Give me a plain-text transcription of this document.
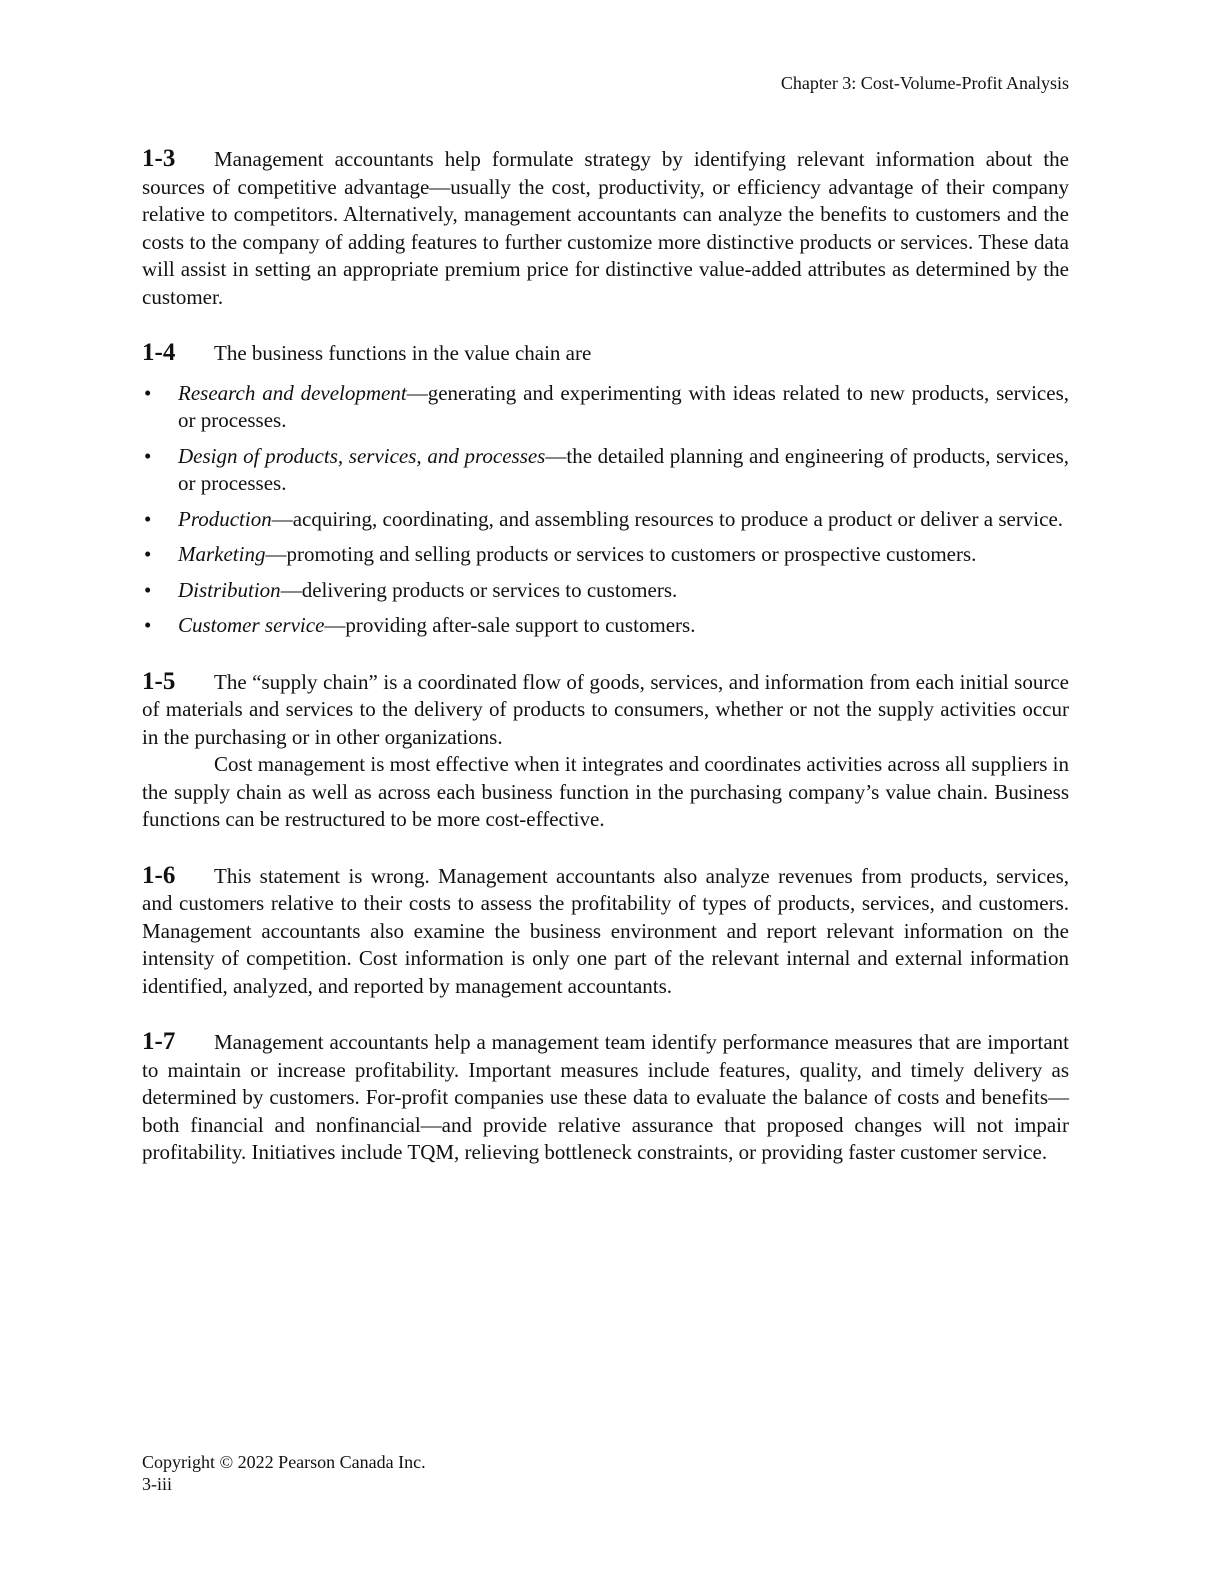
Chapter 3: Cost-Volume-Profit Analysis

1-3 Management accountants help formulate strategy by identifying relevant information about the sources of competitive advantage—usually the cost, productivity, or efficiency advantage of their company relative to competitors. Alternatively, management accountants can analyze the benefits to customers and the costs to the company of adding features to further customize more distinctive products or services. These data will assist in setting an appropriate premium price for distinctive value-added attributes as determined by the customer.

1-4 The business functions in the value chain are

• Research and development—generating and experimenting with ideas related to new products, services, or processes.
• Design of products, services, and processes—the detailed planning and engineering of products, services, or processes.
• Production—acquiring, coordinating, and assembling resources to produce a product or deliver a service.
• Marketing—promoting and selling products or services to customers or prospective customers.
• Distribution—delivering products or services to customers.
• Customer service—providing after-sale support to customers.

1-5 The “supply chain” is a coordinated flow of goods, services, and information from each initial source of materials and services to the delivery of products to consumers, whether or not the supply activities occur in the purchasing or in other organizations.

Cost management is most effective when it integrates and coordinates activities across all suppliers in the supply chain as well as across each business function in the purchasing company’s value chain. Business functions can be restructured to be more cost-effective.

1-6 This statement is wrong. Management accountants also analyze revenues from products, services, and customers relative to their costs to assess the profitability of types of products, services, and customers. Management accountants also examine the business environment and report relevant information on the intensity of competition. Cost information is only one part of the relevant internal and external information identified, analyzed, and reported by management accountants.

1-7 Management accountants help a management team identify performance measures that are important to maintain or increase profitability. Important measures include features, quality, and timely delivery as determined by customers. For-profit companies use these data to evaluate the balance of costs and benefits—both financial and nonfinancial—and provide relative assurance that proposed changes will not impair profitability. Initiatives include TQM, relieving bottleneck constraints, or providing faster customer service.

Copyright © 2022 Pearson Canada Inc.
3-iii
